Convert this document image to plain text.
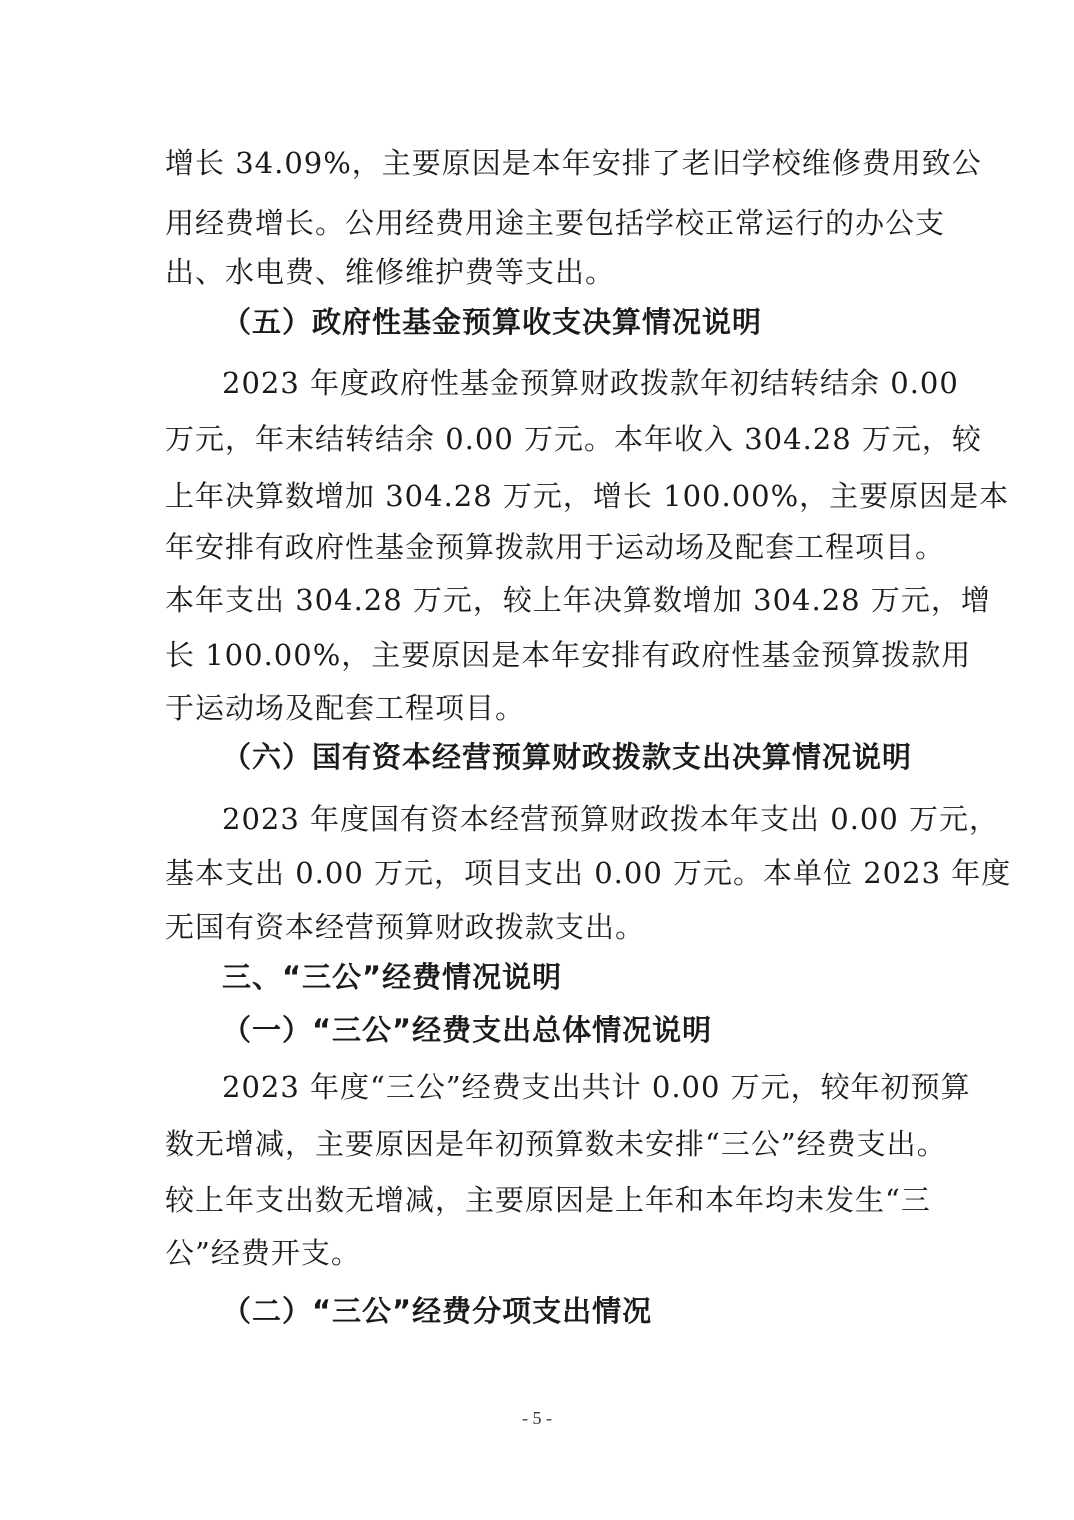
增长 34.09%，主要原因是本年安排了老旧学校维修费用致公
用经费增长。公用经费用途主要包括学校正常运行的办公支
出、水电费、维修维护费等支出。
（五）政府性基金预算收支决算情况说明
2023 年度政府性基金预算财政拨款年初结转结余 0.00
万元，年末结转结余 0.00 万元。本年收入 304.28 万元，较
上年决算数增加 304.28 万元，增长 100.00%，主要原因是本
年安排有政府性基金预算拨款用于运动场及配套工程项目。
本年支出 304.28 万元，较上年决算数增加 304.28 万元，增
长 100.00%，主要原因是本年安排有政府性基金预算拨款用
于运动场及配套工程项目。
（六）国有资本经营预算财政拨款支出决算情况说明
2023 年度国有资本经营预算财政拨本年支出 0.00 万元，
基本支出 0.00 万元，项目支出 0.00 万元。本单位 2023 年度
无国有资本经营预算财政拨款支出。
三、“三公”经费情况说明
（一）“三公”经费支出总体情况说明
2023 年度“三公”经费支出共计 0.00 万元，较年初预算
数无增减，主要原因是年初预算数未安排“三公”经费支出。
较上年支出数无增减，主要原因是上年和本年均未发生“三
公”经费开支。
（二）“三公”经费分项支出情况
- 5 -
